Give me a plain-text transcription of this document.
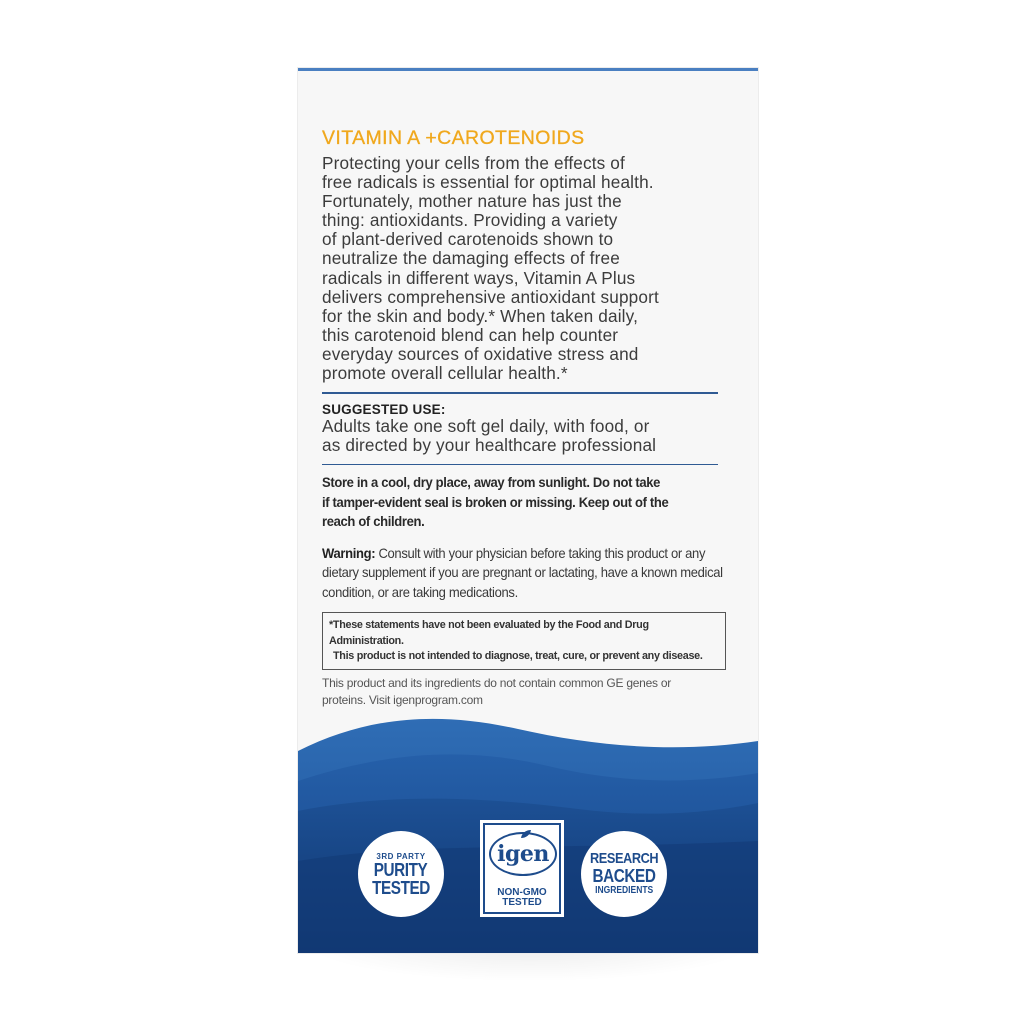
VITAMIN A +CAROTENOIDS
Protecting your cells from the effects of
free radicals is essential for optimal health.
Fortunately, mother nature has just the
thing: antioxidants. Providing a variety
of plant-derived carotenoids shown to
neutralize the damaging effects of free
radicals in different ways, Vitamin A Plus
delivers comprehensive antioxidant support
for the skin and body.* When taken daily,
this carotenoid blend can help counter
everyday sources of oxidative stress and
promote overall cellular health.*

SUGGESTED USE:

Adults take one soft gel daily, with food, or
as directed by your healthcare professional
Store in a cool, dry place, away from sunlight. Do not take
if tamper-evident seal is broken or missing. Keep out of the
reach of children.

Warning: Consult with your physician before taking this product or any dietary supplement if you are pregnant or lactating, have a known medical condition, or are taking medications.

*These statements have not been evaluated by the Food and Drug Administration.
This product is not intended to diagnose, treat, cure, or prevent any disease.
This product and its ingredients do not contain common GE genes or proteins. Visit igenprogram.com
3RD PARTY
PURITY
TESTED
igen
NON-GMO
TESTED
RESEARCH
BACKED
INGREDIENTS
